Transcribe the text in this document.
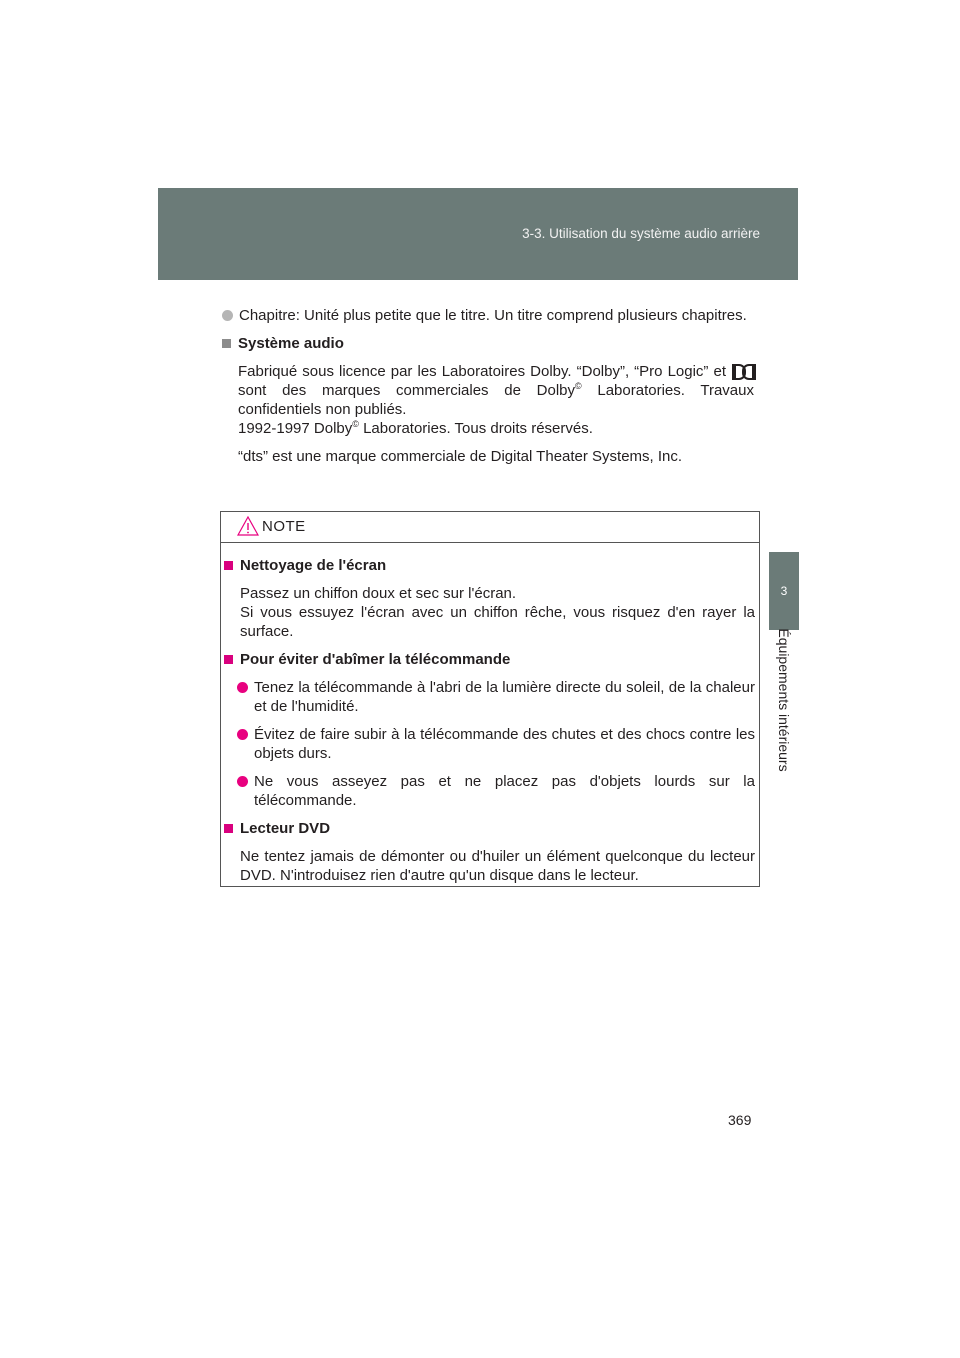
3-3. Utilisation du système audio arrière
3
Équipements intérieurs
Chapitre: Unité plus petite que le titre. Un titre comprend plusieurs chapitres.
Système audio
Fabriqué sous licence par les Laboratoires Dolby. “Dolby”, “Pro Logic” et
sont des marques commerciales de Dolby© Laboratories. Travaux confidentiels non publiés.
1992-1997 Dolby© Laboratories. Tous droits réservés.
“dts” est une marque commerciale de Digital Theater Systems, Inc.
NOTE
Nettoyage de l'écran
Passez un chiffon doux et sec sur l'écran.
Si vous essuyez l'écran avec un chiffon rêche, vous risquez d'en rayer la surface.
Pour éviter d'abîmer la télécommande
Tenez la télécommande à l'abri de la lumière directe du soleil, de la chaleur et de l'humidité.
Évitez de faire subir à la télécommande des chutes et des chocs contre les objets durs.
Ne vous asseyez pas et ne placez pas d'objets lourds sur la télécommande.
Lecteur DVD
Ne tentez jamais de démonter ou d'huiler un élément quelconque du lecteur DVD. N'introduisez rien d'autre qu'un disque dans le lecteur.
369
